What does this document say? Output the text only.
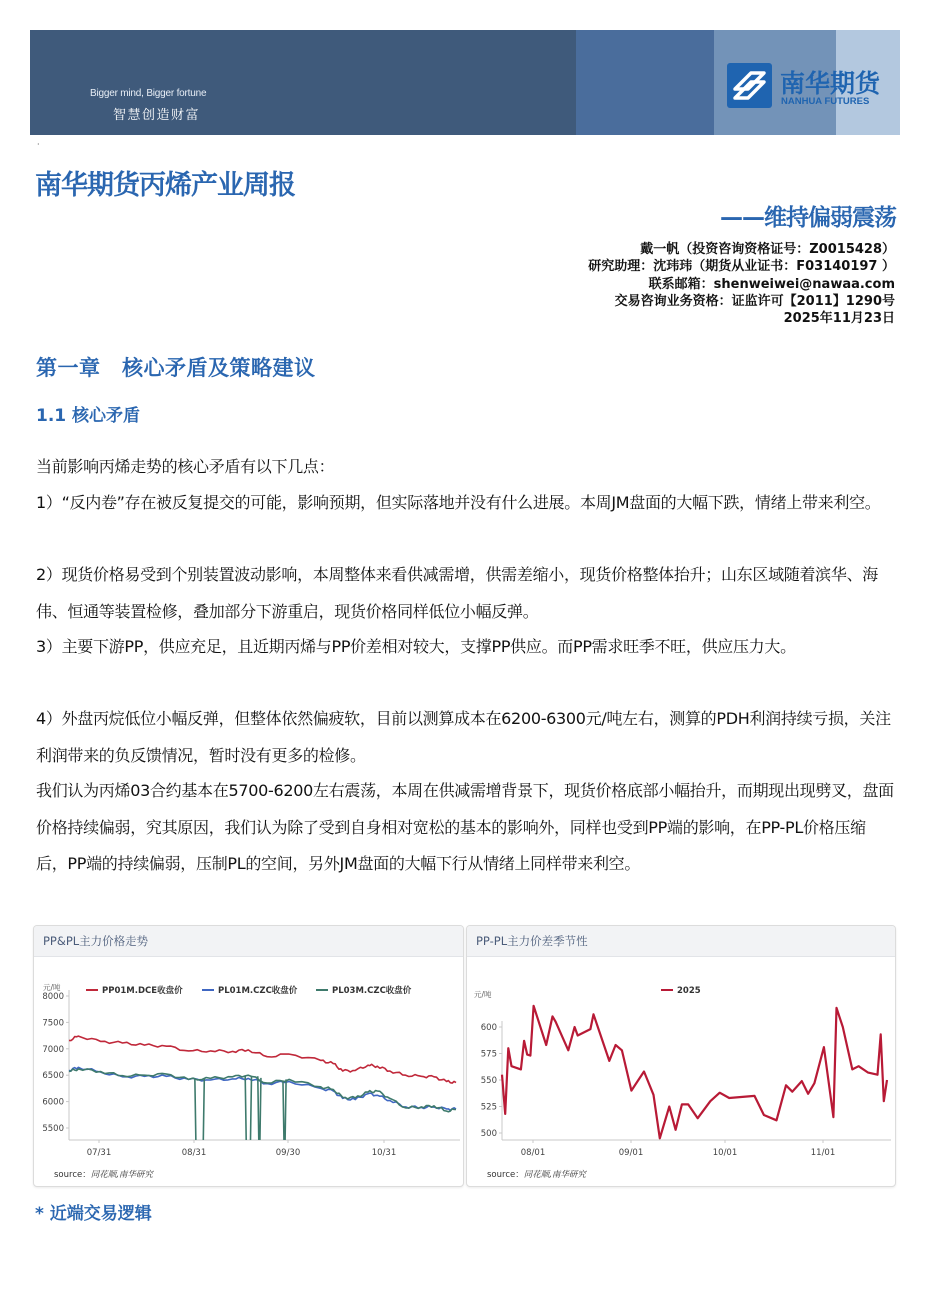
Bigger mind, Bigger fortune
智慧创造财富
南华期货
NANHUA FUTURES
·
南华期货丙烯产业周报
——维持偏弱震荡
戴一帆（投资咨询资格证号：Z0015428）
研究助理：沈玮玮（期货从业证书：F03140197 ）
联系邮箱：shenweiwei@nawaa.com
交易咨询业务资格：证监许可【2011】1290号
2025年11月23日
第一章　核心矛盾及策略建议
1.1 核心矛盾
当前影响丙烯走势的核心矛盾有以下几点：
1）“反内卷”存在被反复提交的可能，影响预期，但实际落地并没有什么进展。本周JM盘面的大幅下跌，情绪上带来利空。
2）现货价格易受到个别装置波动影响，本周整体来看供减需增，供需差缩小，现货价格整体抬升；山东区域随着滨华、海伟、恒通等装置检修，叠加部分下游重启，现货价格同样低位小幅反弹。
3）主要下游PP，供应充足，且近期丙烯与PP价差相对较大，支撑PP供应。而PP需求旺季不旺，供应压力大。
4）外盘丙烷低位小幅反弹，但整体依然偏疲软，目前以测算成本在6200-6300元/吨左右，测算的PDH利润持续亏损，关注利润带来的负反馈情况，暂时没有更多的检修。
我们认为丙烯03合约基本在5700-6200左右震荡，本周在供减需增背景下，现货价格底部小幅抬升，而期现出现劈叉，盘面价格持续偏弱，究其原因，我们认为除了受到自身相对宽松的基本的影响外，同样也受到PP端的影响，在PP-PL价格压缩后，PP端的持续偏弱，压制PL的空间，另外JM盘面的大幅下行从情绪上同样带来利空。
PP&PL主力价格走势
元/吨
5500
6000
6500
7000
7500
8000
07/31	08/31	09/30	10/31
PP01M.DCE收盘价	PL01M.CZC收盘价	PL03M.CZC收盘价
source：同花顺,南华研究
PP-PL主力价差季节性
元/吨
500
525
550
575
600
08/01	09/01	10/01	11/01
2025
source：同花顺,南华研究
* 近端交易逻辑
